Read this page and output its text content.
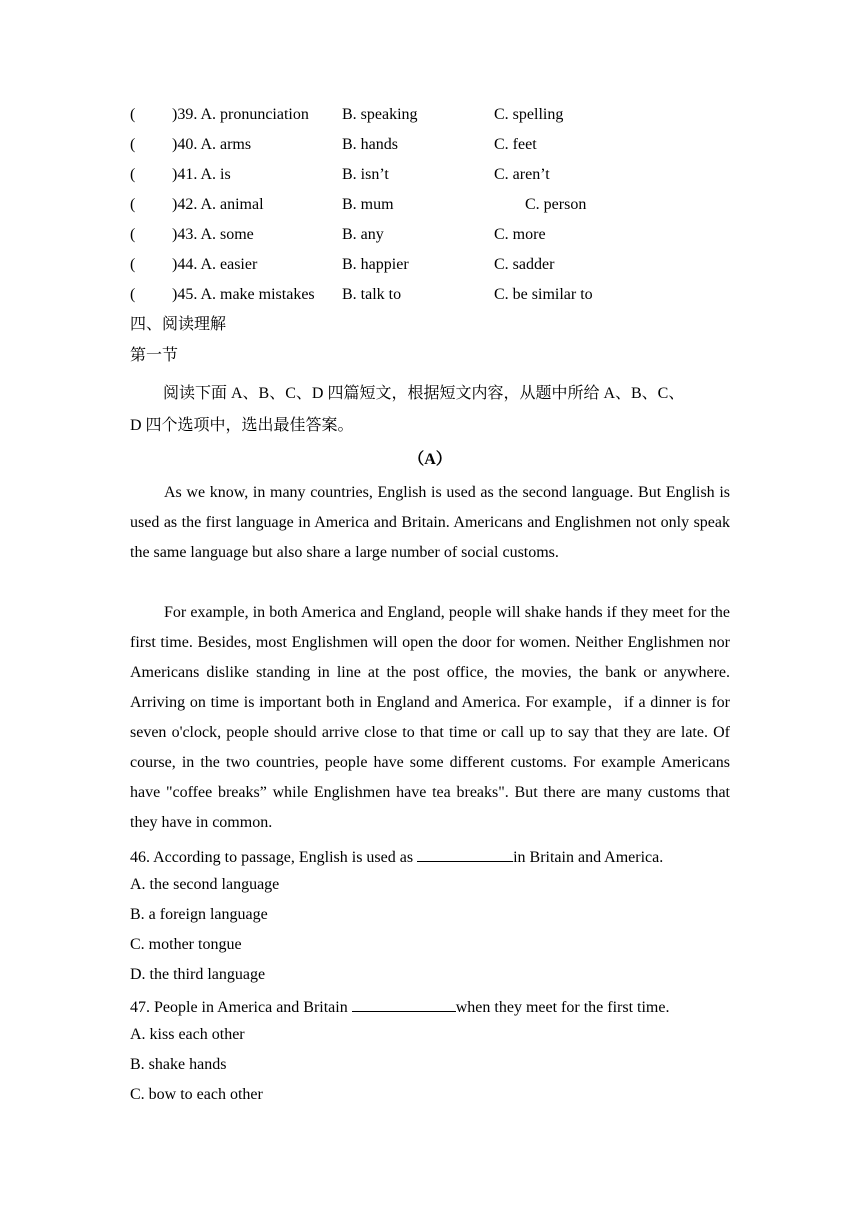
( )39. A. pronunciation B. speaking	C. spelling
( )40. A. arms	B. hands	C. feet
( )41. A. is	B. isn’t	C. aren’t
( )42. A. animal	B. mum	C. person
( )43. A. some	B. any	C. more
( )44. A. easier	B. happier	C. sadder
( )45. A. make mistakes B. talk to	C. be similar to
四、阅读理解
第一节
阅读下面 A、B、C、D 四篇短文，根据短文内容，从题中所给 A、B、C、
D 四个选项中，选出最佳答案。
（A）
As we know, in many countries, English is used as the second language. But English is used as the first language in America and Britain. Americans and Englishmen not only speak the same language but also share a large number of social customs.
For example, in both America and England, people will shake hands if they meet for the first time. Besides, most Englishmen will open the door for women. Neither Englishmen nor Americans dislike standing in line at the post office, the movies, the bank or anywhere. Arriving on time is important both in England and America. For example，if a dinner is for seven o'clock, people should arrive close to that time or call up to say that they are late. Of course, in the two countries, people have some different customs. For example Americans have "coffee breaks” while Englishmen have tea breaks". But there are many customs that they have in common.
46. According to passage, English is used as	in Britain and America.
A. the second language
B. a foreign language
C. mother tongue
D. the third language
47. People in America and Britain	when they meet for the first time.
A. kiss each other
B. shake hands
C. bow to each other
